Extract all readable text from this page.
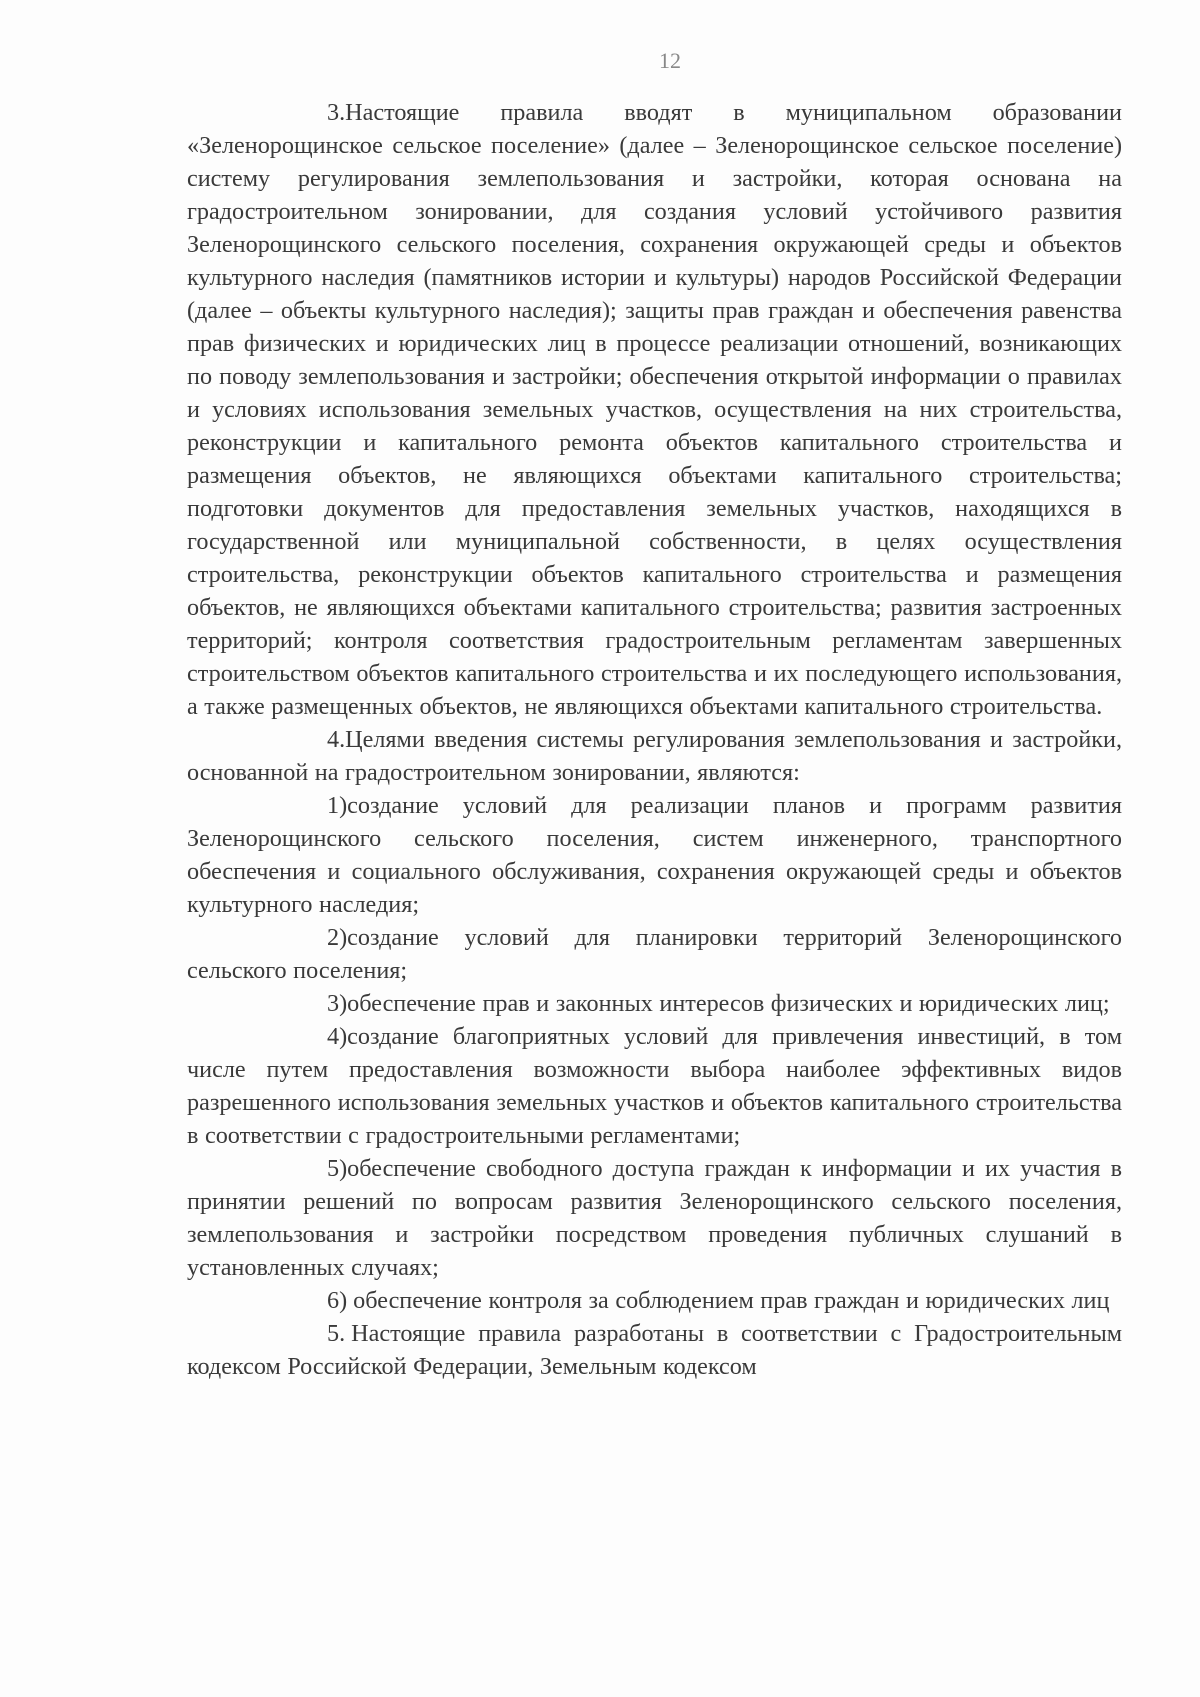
12

3.Настоящие правила вводят в муниципальном образовании «Зеленорощинское сельское поселение» (далее – Зеленорощинское сельское поселение) систему регулирования землепользования и застройки, которая основана на градостроительном зонировании, для создания условий устойчивого развития Зеленорощинского сельского поселения, сохранения окружающей среды и объектов культурного наследия (памятников истории и культуры) народов Российской Федерации (далее – объекты культурного наследия); защиты прав граждан и обеспечения равенства прав физических и юридических лиц в процессе реализации отношений, возникающих по поводу землепользования и застройки; обеспечения открытой информации о правилах и условиях использования земельных участков, осуществления на них строительства, реконструкции и капитального ремонта объектов капитального строительства и размещения объектов, не являющихся объектами капитального строительства; подготовки документов для предоставления земельных участков, находящихся в государственной или муниципальной собственности, в целях осуществления строительства, реконструкции объектов капитального строительства и размещения объектов, не являющихся объектами капитального строительства; развития застроенных территорий; контроля соответствия градостроительным регламентам завершенных строительством объектов капитального строительства и их последующего использования, а также размещенных объектов, не являющихся объектами капитального строительства.

4.Целями введения системы регулирования землепользования и застройки, основанной на градостроительном зонировании, являются:

1)создание условий для реализации планов и программ развития Зеленорощинского сельского поселения, систем инженерного, транспортного обеспечения и социального обслуживания, сохранения окружающей среды и объектов культурного наследия;

2)создание условий для планировки территорий Зеленорощинского сельского поселения;

3)обеспечение прав и законных интересов физических и юридических лиц;

4)создание благоприятных условий для привлечения инвестиций, в том числе путем предоставления возможности выбора наиболее эффективных видов разрешенного использования земельных участков и объектов капитального строительства в соответствии с градостроительными регламентами;

5)обеспечение свободного доступа граждан к информации и их участия в принятии решений по вопросам развития Зеленорощинского сельского поселения, землепользования и застройки посредством проведения публичных слушаний в установленных случаях;

6) обеспечение контроля за соблюдением прав граждан и юридических лиц

5. Настоящие правила разработаны в соответствии с Градостроительным кодексом Российской Федерации, Земельным кодексом
